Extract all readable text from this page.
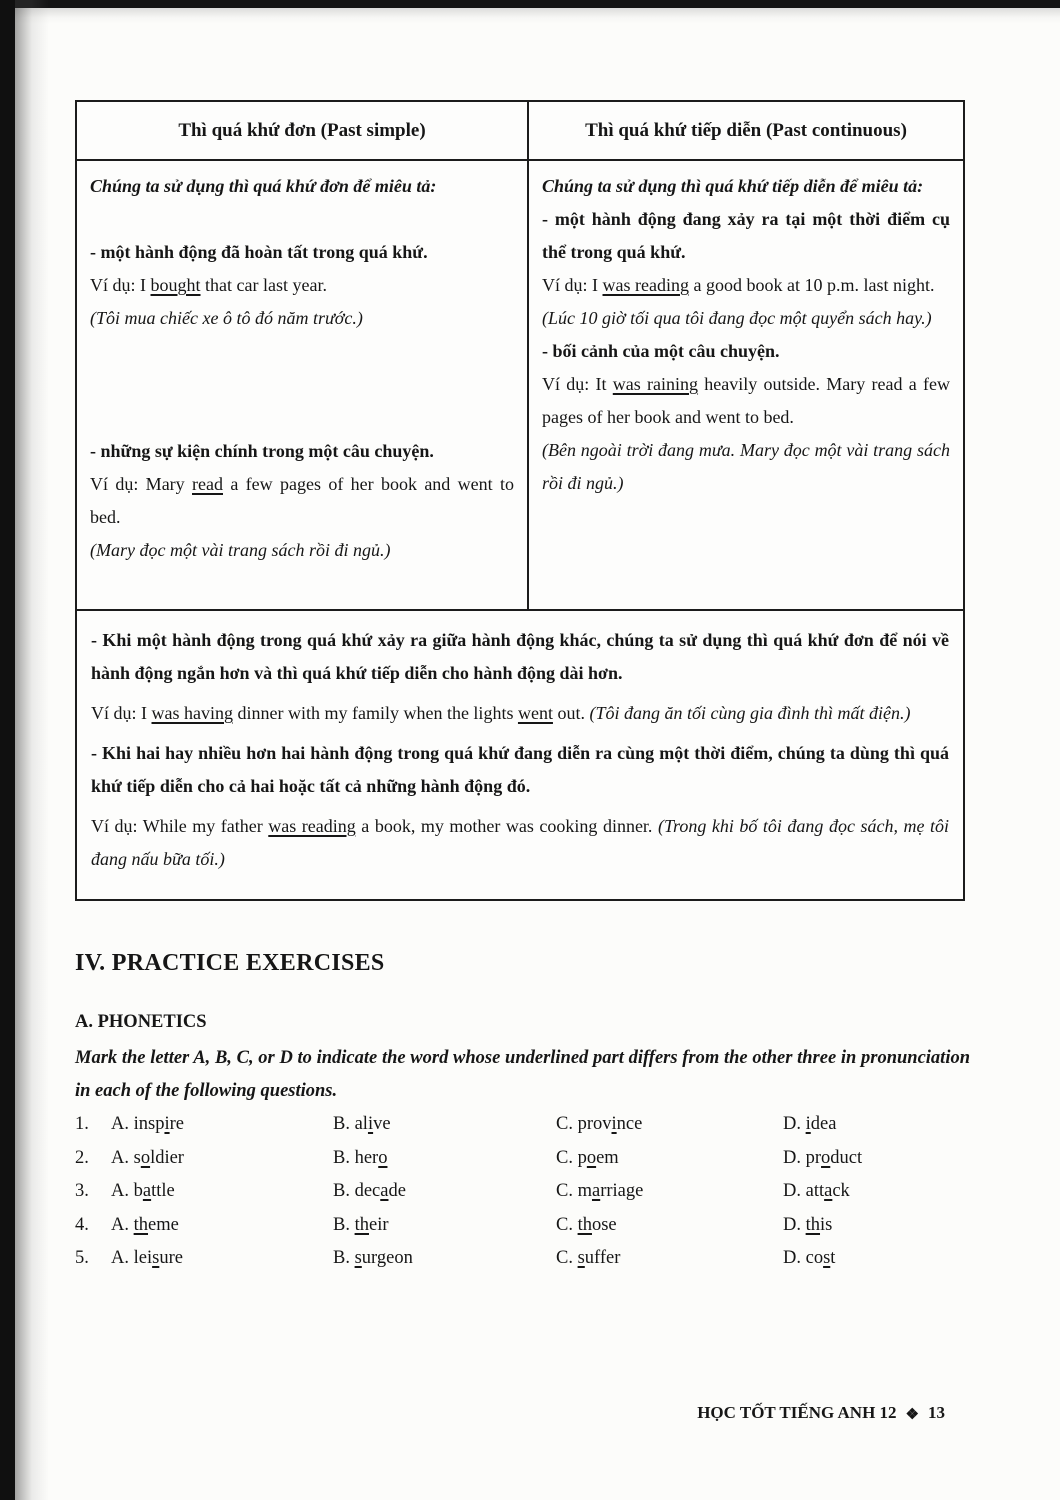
Thì quá khứ đơn (Past simple)	Thì quá khứ tiếp diễn (Past continuous)

Chúng ta sử dụng thì quá khứ đơn để miêu tả:

- một hành động đã hoàn tất trong quá khứ.

Ví dụ: I bought that car last year.

(Tôi mua chiếc xe ô tô đó năm trước.)

- những sự kiện chính trong một câu chuyện.

Ví dụ: Mary read a few pages of her book and went to bed.

(Mary đọc một vài trang sách rồi đi ngủ.)

Chúng ta sử dụng thì quá khứ tiếp diễn để miêu tả:

- một hành động đang xảy ra tại một thời điểm cụ thể trong quá khứ.

Ví dụ: I was reading a good book at 10 p.m. last night.

(Lúc 10 giờ tối qua tôi đang đọc một quyển sách hay.)

- bối cảnh của một câu chuyện.

Ví dụ: It was raining heavily outside. Mary read a few pages of her book and went to bed.

(Bên ngoài trời đang mưa. Mary đọc một vài trang sách rồi đi ngủ.)

- Khi một hành động trong quá khứ xảy ra giữa hành động khác, chúng ta sử dụng thì quá khứ đơn để nói về hành động ngắn hơn và thì quá khứ tiếp diễn cho hành động dài hơn.

Ví dụ: I was having dinner with my family when the lights went out. (Tôi đang ăn tối cùng gia đình thì mất điện.)

- Khi hai hay nhiều hơn hai hành động trong quá khứ đang diễn ra cùng một thời điểm, chúng ta dùng thì quá khứ tiếp diễn cho cả hai hoặc tất cả những hành động đó.

Ví dụ: While my father was reading a book, my mother was cooking dinner. (Trong khi bố tôi đang đọc sách, mẹ tôi đang nấu bữa tối.)

IV. PRACTICE EXERCISES
A. PHONETICS

Mark the letter A, B, C, or D to indicate the word whose underlined part differs from the other three in pronunciation in each of the following questions.

1.	A. inspire	B. alive	C. province	D. idea
2.	A. soldier	B. hero	C. poem	D. product
3.	A. battle	B. decade	C. marriage	D. attack
4.	A. theme	B. their	C. those	D. this
5.	A. leisure	B. surgeon	C. suffer	D. cost
HỌC TỐT TIẾNG ANH 12 ❖ 13
